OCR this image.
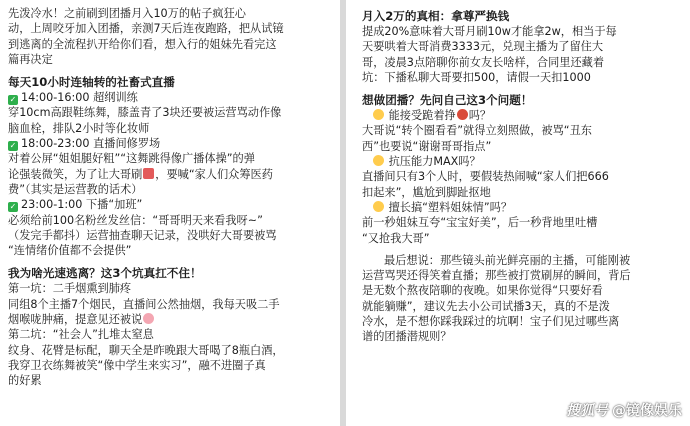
先泼冷水！之前刷到团播月入10万的帖子疯狂心
动，上周咬牙加入团播，亲测7天后连夜跑路，把从试镜
到逃离的全流程扒开给你们看，想入行的姐妹先看完这
篇再决定
每天10小时连轴转的社畜式直播
✓ 14:00-16:00 超纲训练
穿10cm高跟鞋练舞，膝盖青了3块还要被运营骂动作像
脑血栓，排队2小时等化妆师
✓ 18:00-23:00 直播间修罗场
对着公屏“姐姐腿好粗”“这舞跳得像广播体操”的弹
论强装微笑，为了让大哥刷 ，要喊“家人们众筹医药
费”（其实是运营教的话术）
✓ 23:00-1:00 下播“加班”
必须给前100名粉丝发丝信：“哥哥明天来看我呀~”
（发完手都抖）运营抽查聊天记录，没哄好大哥要被骂
“连情绪价值都不会提供”
我为啥光速逃离？这3个坑真扛不住！
第一坑：二手烟熏到肺疼
同组8个主播7个烟民，直播间公然抽烟，我每天吸二手
烟喉咙肿痛，提意见还被说
第二坑：“社会人”扎堆太窒息
纹身、花臂是标配，聊天全是昨晚跟大哥喝了8瓶白酒，
我穿卫衣练舞被笑“像中学生来实习”，融不进圈子真
的好累
月入2万的真相：拿尊严换钱
提成20%意味着大哥月刷10w才能拿2w，相当于每
天要哄着大哥消费3333元，兑现主播为了留住大
哥，凌晨3点陪聊你前女友长啥样，合同里还藏着
坑：下播私聊大哥要扣500，请假一天扣1000
想做团播？先问自己这3个问题！
能接受跪着挣 吗？
大哥说“转个圈看看”就得立刻照做，被骂“丑东
西”也要说“谢谢哥哥指点”
抗压能力MAX吗？
直播间只有3个人时，要假装热闹喊“家人们把666
扣起来”，尴尬到脚趾抠地
擅长搞“塑料姐妹情”吗？
前一秒姐妹互夸“宝宝好美”，后一秒背地里吐槽
“又抢我大哥”
最后想说：那些镜头前光鲜亮丽的主播，可能刚被
运营骂哭还得笑着直播；那些被打赏刷屏的瞬间，背后
是无数个熬夜陪聊的夜晚。如果你觉得“只要好看
就能躺赚”，建议先去小公司试播3天，真的不是泼
冷水，是不想你踩我踩过的坑啊！宝子们见过哪些离
谱的团播潜规则？
搜狐号 @镜像娱乐
